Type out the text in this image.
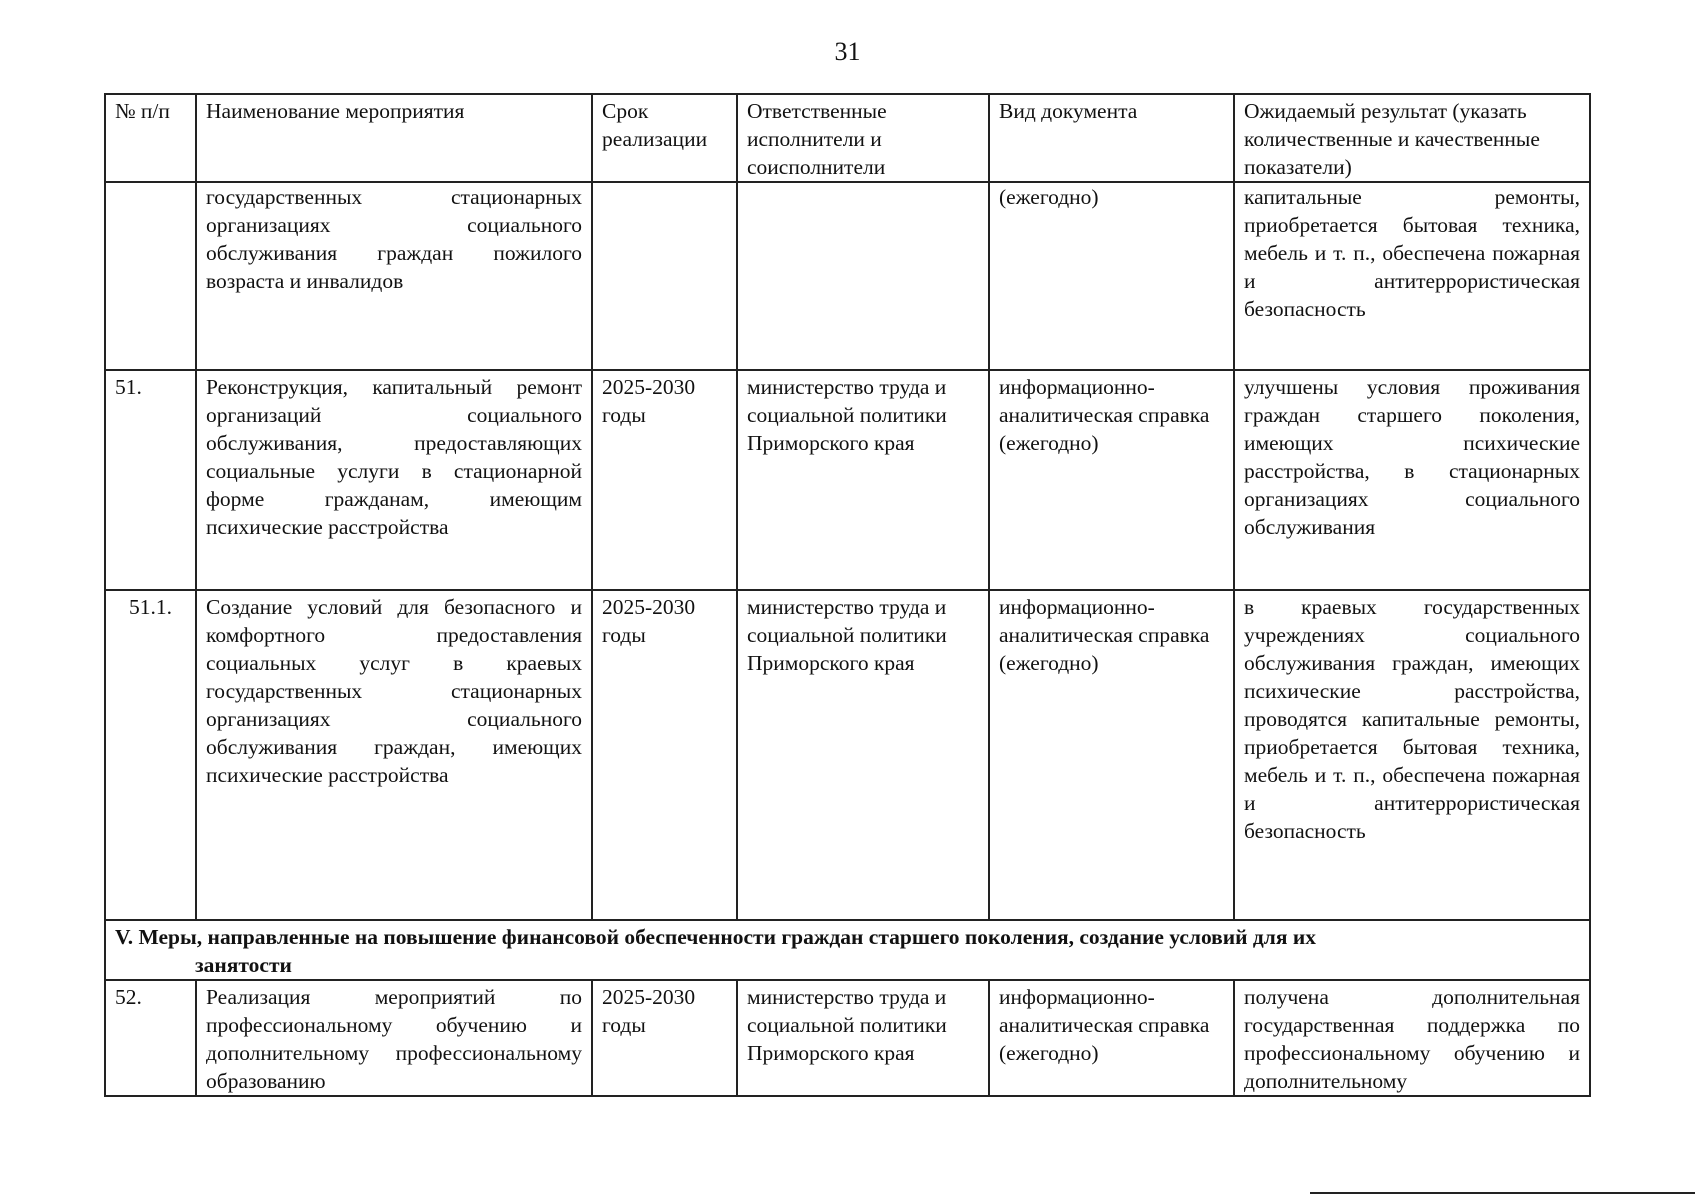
31
№ п/п	Наименование мероприятия	Срок реализации	Ответственные исполнители и соисполнители	Вид документа	Ожидаемый результат (указать количественные и качественные показатели)
	государственных стационарных организациях социального обслуживания граждан пожилого возраста и инвалидов			(ежегодно)	капитальные ремонты, приобретается бытовая техника, мебель и т. п., обеспечена пожарная и антитеррористическая безопасность
51.	Реконструкция, капитальный ремонт организаций социального обслуживания, предоставляющих социальные услуги в стационарной форме гражданам, имеющим психические расстройства	2025-2030 годы	министерство труда и социальной политики Приморского края	информационно-аналитическая справка (ежегодно)	улучшены условия проживания граждан старшего поколения, имеющих психические расстройства, в стационарных организациях социального обслуживания
51.1.	Создание условий для безопасного и комфортного предоставления социальных услуг в краевых государственных стационарных организациях социального обслуживания граждан, имеющих психические расстройства	2025-2030 годы	министерство труда и социальной политики Приморского края	информационно-аналитическая справка (ежегодно)	в краевых государственных учреждениях социального обслуживания граждан, имеющих психические расстройства, проводятся капитальные ремонты, приобретается бытовая техника, мебель и т. п., обеспечена пожарная и антитеррористическая безопасность
V. Меры, направленные на повышение финансовой обеспеченности граждан старшего поколения, создание условий для их
занятости					

52.	Реализация мероприятий по профессиональному обучению и дополнительному профессиональному образованию	2025-2030 годы	министерство труда и социальной политики Приморского края	информационно-аналитическая справка (ежегодно)	получена дополнительная государственная поддержка по профессиональному обучению и дополнительному
